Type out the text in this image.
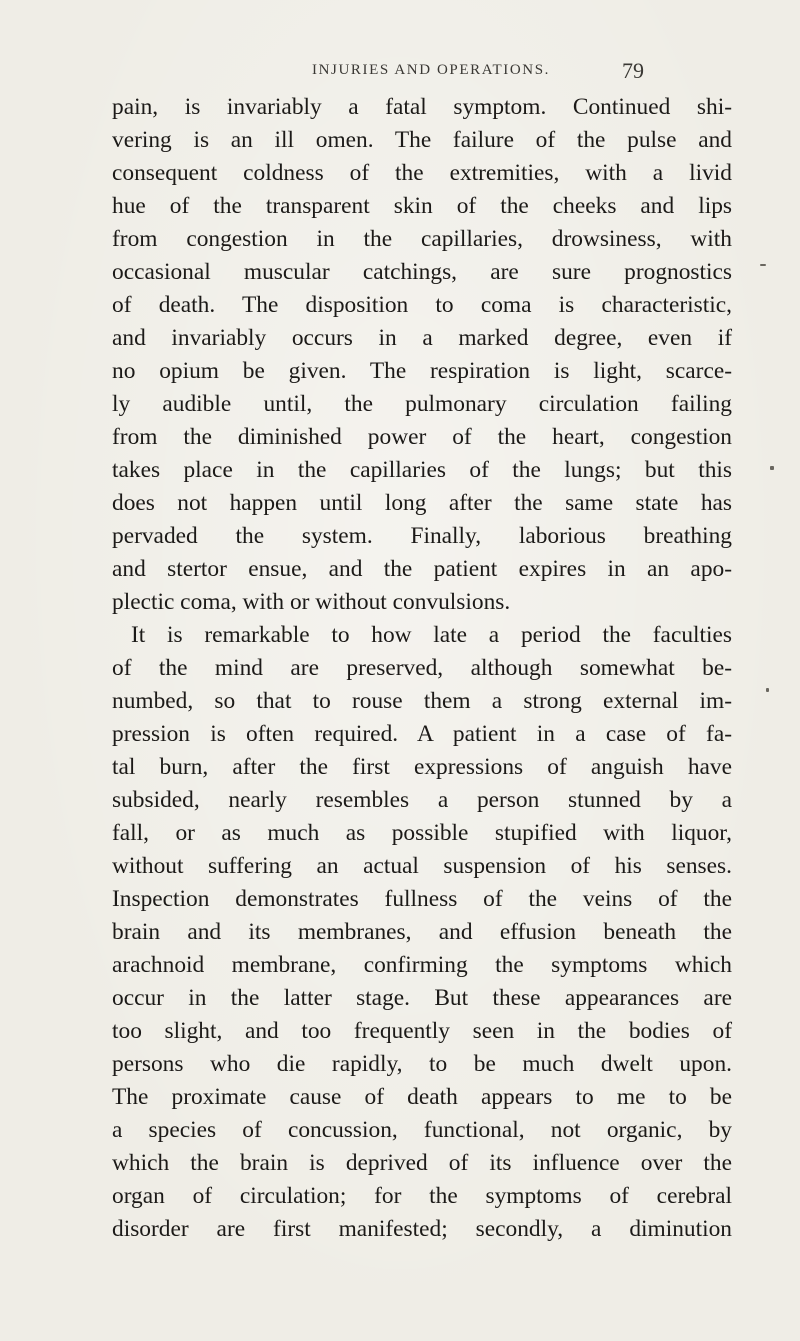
INJURIES AND OPERATIONS.	79
pain, is invariably a fatal symptom. Continued shi-
vering is an ill omen. The failure of the pulse and
consequent coldness of the extremities, with a livid
hue of the transparent skin of the cheeks and lips
from congestion in the capillaries, drowsiness, with
occasional muscular catchings, are sure prognostics
of death. The disposition to coma is characteristic,
and invariably occurs in a marked degree, even if
no opium be given. The respiration is light, scarce-
ly audible until, the pulmonary circulation failing
from the diminished power of the heart, congestion
takes place in the capillaries of the lungs; but this
does not happen until long after the same state has
pervaded the system. Finally, laborious breathing
and stertor ensue, and the patient expires in an apo-
plectic coma, with or without convulsions.
It is remarkable to how late a period the faculties
of the mind are preserved, although somewhat be-
numbed, so that to rouse them a strong external im-
pression is often required. A patient in a case of fa-
tal burn, after the first expressions of anguish have
subsided, nearly resembles a person stunned by a
fall, or as much as possible stupified with liquor,
without suffering an actual suspension of his senses.
Inspection demonstrates fullness of the veins of the
brain and its membranes, and effusion beneath the
arachnoid membrane, confirming the symptoms which
occur in the latter stage. But these appearances are
too slight, and too frequently seen in the bodies of
persons who die rapidly, to be much dwelt upon.
The proximate cause of death appears to me to be
a species of concussion, functional, not organic, by
which the brain is deprived of its influence over the
organ of circulation; for the symptoms of cerebral
disorder are first manifested; secondly, a diminution
